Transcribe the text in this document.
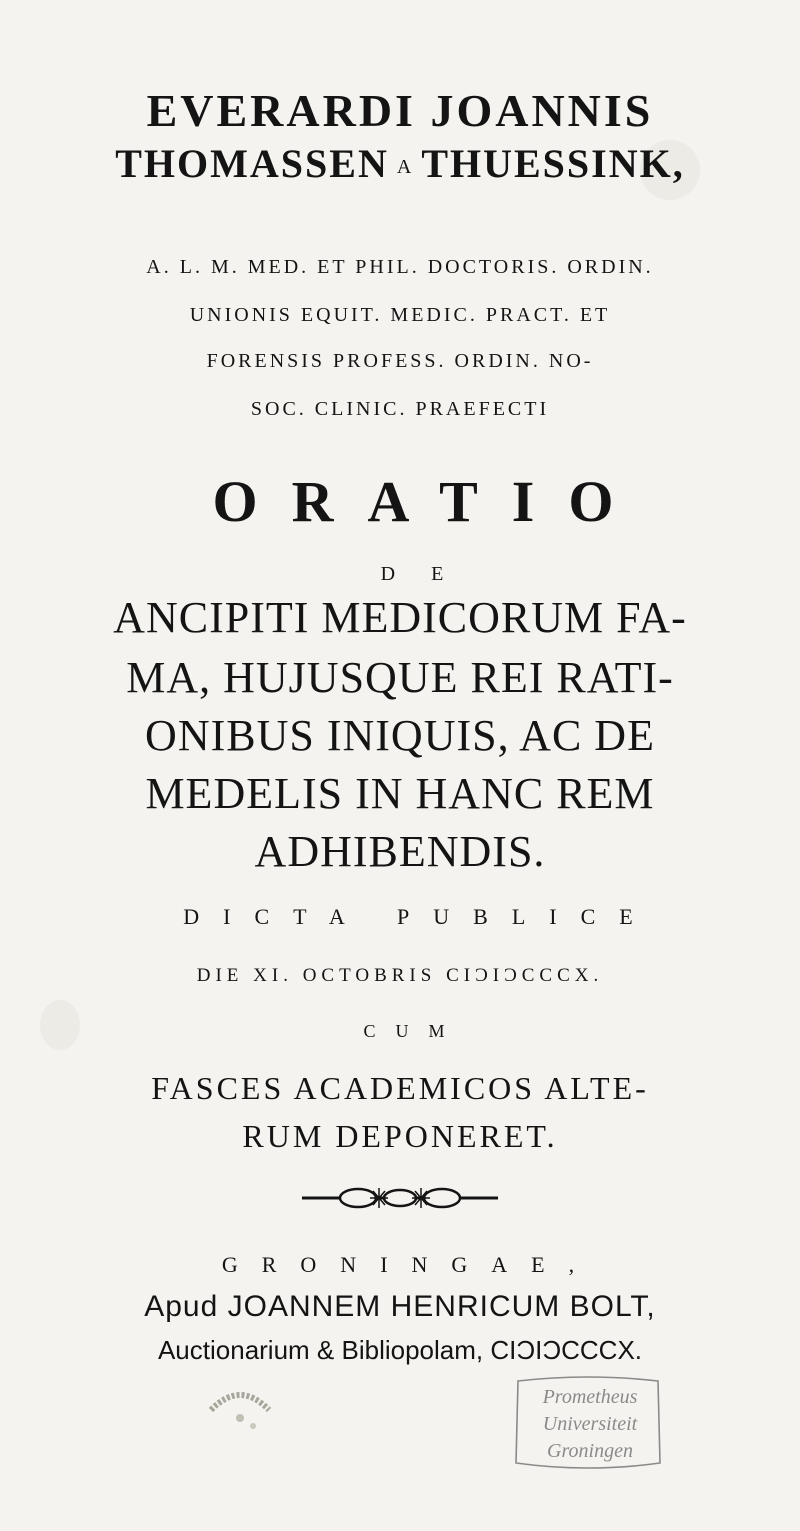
EVERARDI JOANNIS
THOMASSEN A THUESSINK,
A. L. M. MED. ET PHIL. DOCTORIS. ORDIN.
UNIONIS EQUIT. MEDIC. PRACT. ET
FORENSIS PROFESS. ORDIN. NO-
SOC. CLINIC. PRAEFECTI
ORATIO
DE
ANCIPITI MEDICORUM FA-
MA, HUJUSQUE REI RATI-
ONIBUS INIQUIS, AC DE
MEDELIS IN HANC REM
ADHIBENDIS.
DICTA PUBLICE
DIE XI. OCTOBRIS CIƆIƆCCCX.
CUM
FASCES ACADEMICOS ALTE-
RUM DEPONERET.
GRONINGAE,
Apud JOANNEM HENRICUM BOLT,
Auctionarium & Bibliopolam, CIƆIƆCCCX.
Prometheus
Universiteit
Groningen
